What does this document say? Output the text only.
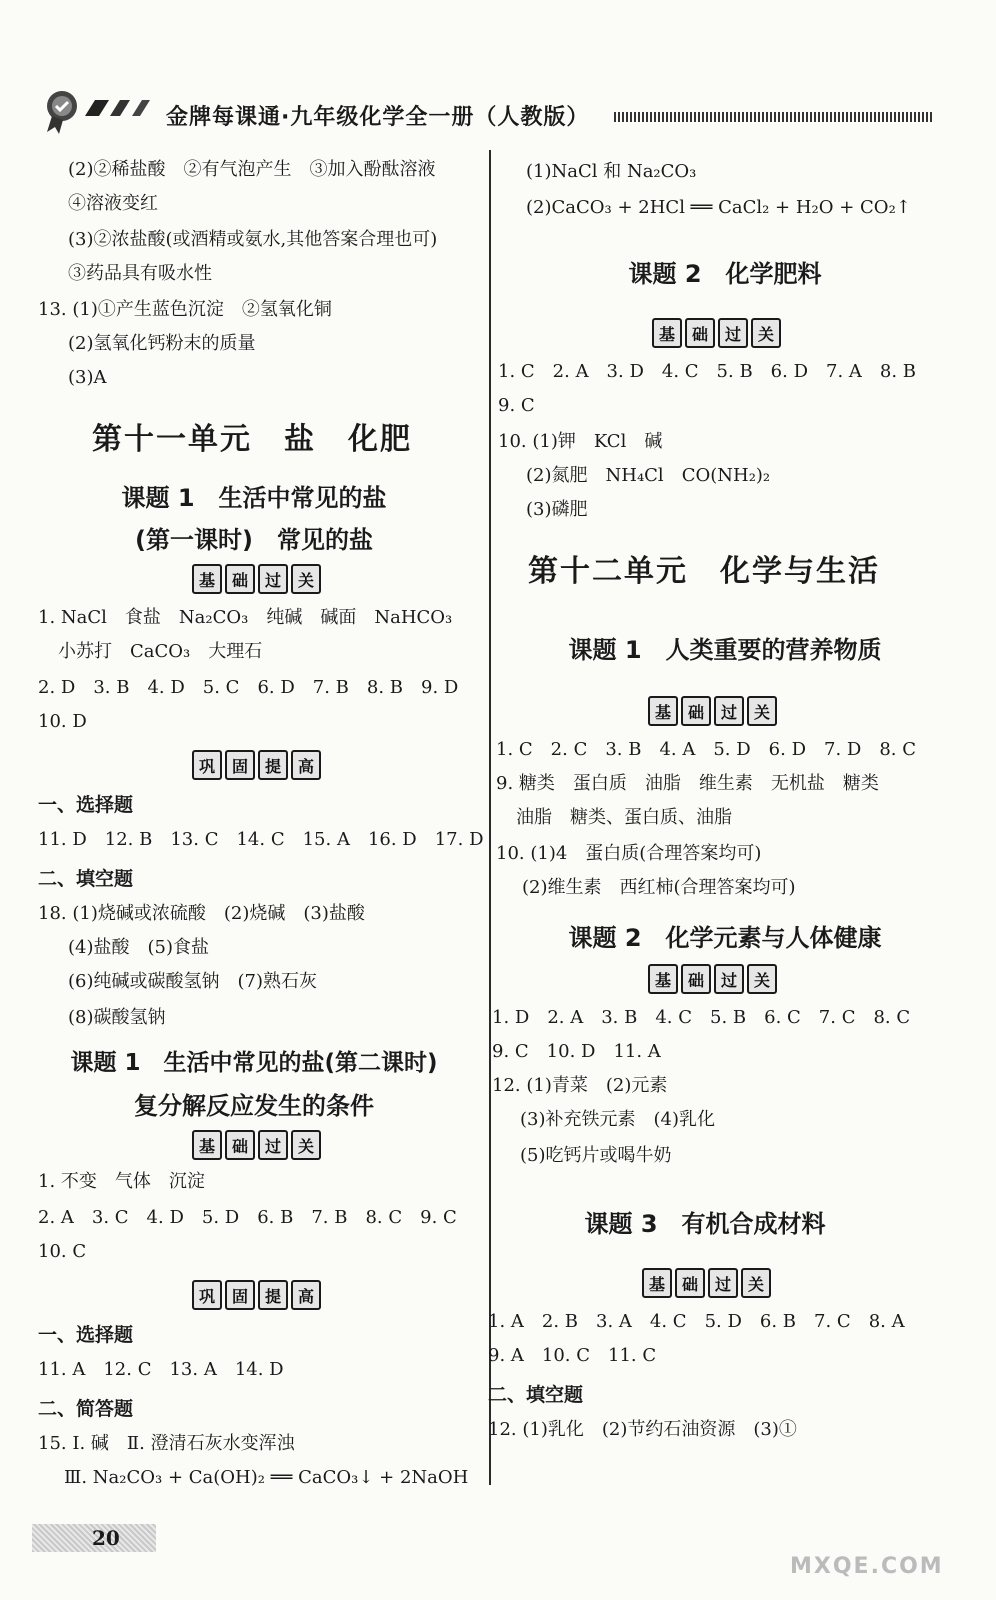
金牌每课通·九年级化学全一册（人教版）
(2)②稀盐酸　②有气泡产生　③加入酚酞溶液
④溶液变红
(3)②浓盐酸(或酒精或氨水,其他答案合理也可)
③药品具有吸水性
13. (1)①产生蓝色沉淀　②氢氧化铜
(2)氢氧化钙粉末的质量
(3)A
第十一单元　盐　化肥
课题 1　生活中常见的盐
(第一课时)　常见的盐
基	础	过	关
1. NaCl　食盐　Na₂CO₃　纯碱　碱面　NaHCO₃
小苏打　CaCO₃　大理石
2. D　3. B　4. D　5. C　6. D　7. B　8. B　9. D
10. D
巩	固	提	高
一、选择题
11. D　12. B　13. C　14. C　15. A　16. D　17. D
二、填空题
18. (1)烧碱或浓硫酸　(2)烧碱　(3)盐酸
(4)盐酸　(5)食盐
(6)纯碱或碳酸氢钠　(7)熟石灰
(8)碳酸氢钠
课题 1　生活中常见的盐(第二课时)
复分解反应发生的条件
基	础	过	关
1. 不变　气体　沉淀
2. A　3. C　4. D　5. D　6. B　7. B　8. C　9. C
10. C
巩	固	提	高
一、选择题
11. A　12. C　13. A　14. D
二、简答题
15. Ⅰ. 碱　Ⅱ. 澄清石灰水变浑浊
Ⅲ. Na₂CO₃ + Ca(OH)₂ ══ CaCO₃↓ + 2NaOH
20
(1)NaCl 和 Na₂CO₃
(2)CaCO₃ + 2HCl ══ CaCl₂ + H₂O + CO₂↑
课题 2　化学肥料
基	础	过	关
1. C　2. A　3. D　4. C　5. B　6. D　7. A　8. B
9. C
10. (1)钾　KCl　碱
(2)氮肥　NH₄Cl　CO(NH₂)₂
(3)磷肥
第十二单元　化学与生活
课题 1　人类重要的营养物质
基	础	过	关
1. C　2. C　3. B　4. A　5. D　6. D　7. D　8. C
9. 糖类　蛋白质　油脂　维生素　无机盐　糖类
油脂　糖类、蛋白质、油脂
10. (1)4　蛋白质(合理答案均可)
(2)维生素　西红柿(合理答案均可)
课题 2　化学元素与人体健康
基	础	过	关
1. D　2. A　3. B　4. C　5. B　6. C　7. C　8. C
9. C　10. D　11. A
12. (1)青菜　(2)元素
(3)补充铁元素　(4)乳化
(5)吃钙片或喝牛奶
课题 3　有机合成材料
基	础	过	关
1. A　2. B　3. A　4. C　5. D　6. B　7. C　8. A
9. A　10. C　11. C
二、填空题
12. (1)乳化　(2)节约石油资源　(3)①
MXQE.COM
